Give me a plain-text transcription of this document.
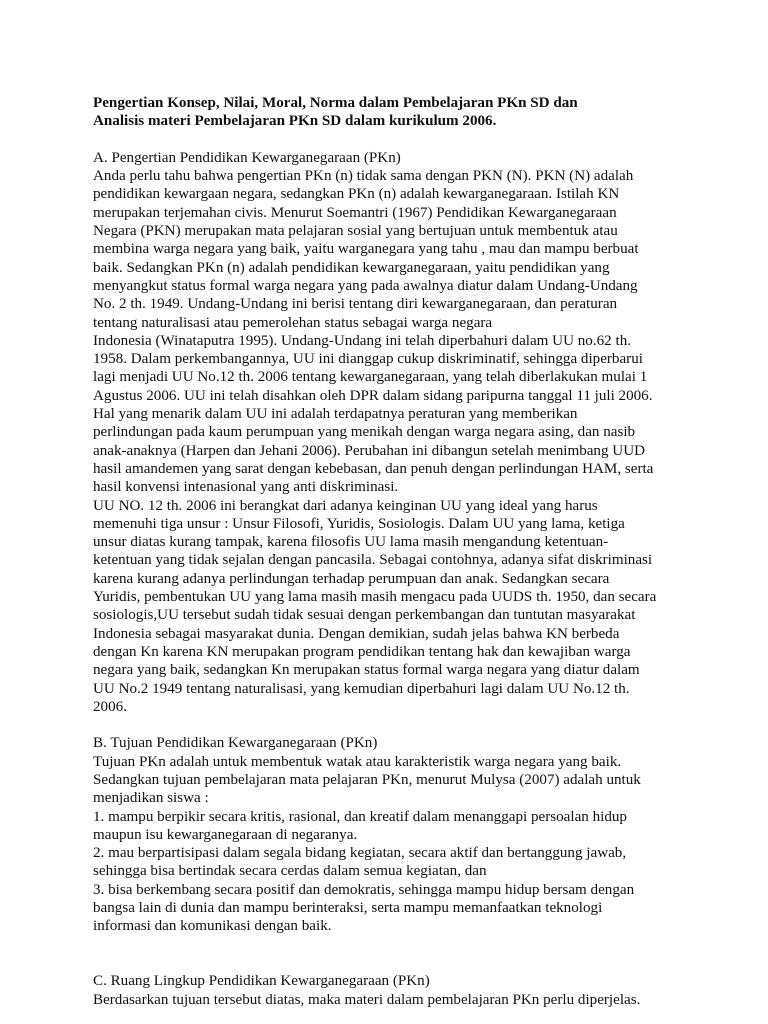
Pengertian Konsep, Nilai, Moral, Norma dalam Pembelajaran PKn SD dan
Analisis materi Pembelajaran PKn SD dalam kurikulum 2006.
A. Pengertian Pendidikan Kewarganegaraan (PKn)
Anda perlu tahu bahwa pengertian PKn (n) tidak sama dengan PKN (N). PKN (N) adalah
pendidikan kewargaan negara, sedangkan PKn (n) adalah kewarganegaraan. Istilah KN
merupakan terjemahan civis. Menurut Soemantri (1967) Pendidikan Kewarganegaraan
Negara (PKN) merupakan mata pelajaran sosial yang bertujuan untuk membentuk atau
membina warga negara yang baik, yaitu warganegara yang tahu , mau dan mampu berbuat
baik. Sedangkan PKn (n) adalah pendidikan kewarganegaraan, yaitu pendidikan yang
menyangkut status formal warga negara yang pada awalnya diatur dalam Undang-Undang
No. 2 th. 1949. Undang-Undang ini berisi tentang diri kewarganegaraan, dan peraturan
tentang naturalisasi atau pemerolehan status sebagai warga negara
Indonesia (Winataputra 1995). Undang-Undang ini telah diperbahuri dalam UU no.62 th.
1958. Dalam perkembangannya, UU ini dianggap cukup diskriminatif, sehingga diperbarui
lagi menjadi UU No.12 th. 2006 tentang kewarganegaraan, yang telah diberlakukan mulai 1
Agustus 2006. UU ini telah disahkan oleh DPR dalam sidang paripurna tanggal 11 juli 2006.
Hal yang menarik dalam UU ini adalah terdapatnya peraturan yang memberikan
perlindungan pada kaum perumpuan yang menikah dengan warga negara asing, dan nasib
anak-anaknya (Harpen dan Jehani 2006). Perubahan ini dibangun setelah menimbang UUD
hasil amandemen yang sarat dengan kebebasan, dan penuh dengan perlindungan HAM, serta
hasil konvensi intenasional yang anti diskriminasi.
UU NO. 12 th. 2006 ini berangkat dari adanya keinginan UU yang ideal yang harus
memenuhi tiga unsur : Unsur Filosofi, Yuridis, Sosiologis. Dalam UU yang lama, ketiga
unsur diatas kurang tampak, karena filosofis UU lama masih mengandung ketentuan-
ketentuan yang tidak sejalan dengan pancasila. Sebagai contohnya, adanya sifat diskriminasi
karena kurang adanya perlindungan terhadap perumpuan dan anak. Sedangkan secara
Yuridis, pembentukan UU yang lama masih masih mengacu pada UUDS th. 1950, dan secara
sosiologis,UU tersebut sudah tidak sesuai dengan perkembangan dan tuntutan masyarakat
Indonesia sebagai masyarakat dunia. Dengan demikian, sudah jelas bahwa KN berbeda
dengan Kn karena KN merupakan program pendidikan tentang hak dan kewajiban warga
negara yang baik, sedangkan Kn merupakan status formal warga negara yang diatur dalam
UU No.2 1949 tentang naturalisasi, yang kemudian diperbahuri lagi dalam UU No.12 th.
2006.
B. Tujuan Pendidikan Kewarganegaraan (PKn)
Tujuan PKn adalah untuk membentuk watak atau karakteristik warga negara yang baik.
Sedangkan tujuan pembelajaran mata pelajaran PKn, menurut Mulysa (2007) adalah untuk
menjadikan siswa :
1. mampu berpikir secara kritis, rasional, dan kreatif dalam menanggapi persoalan hidup
maupun isu kewarganegaraan di negaranya.
2. mau berpartisipasi dalam segala bidang kegiatan, secara aktif dan bertanggung jawab,
sehingga bisa bertindak secara cerdas dalam semua kegiatan, dan
3. bisa berkembang secara positif dan demokratis, sehingga mampu hidup bersam dengan
bangsa lain di dunia dan mampu berinteraksi, serta mampu memanfaatkan teknologi
informasi dan komunikasi dengan baik.
C. Ruang Lingkup Pendidikan Kewarganegaraan (PKn)
Berdasarkan tujuan tersebut diatas, maka materi dalam pembelajaran PKn perlu diperjelas.
